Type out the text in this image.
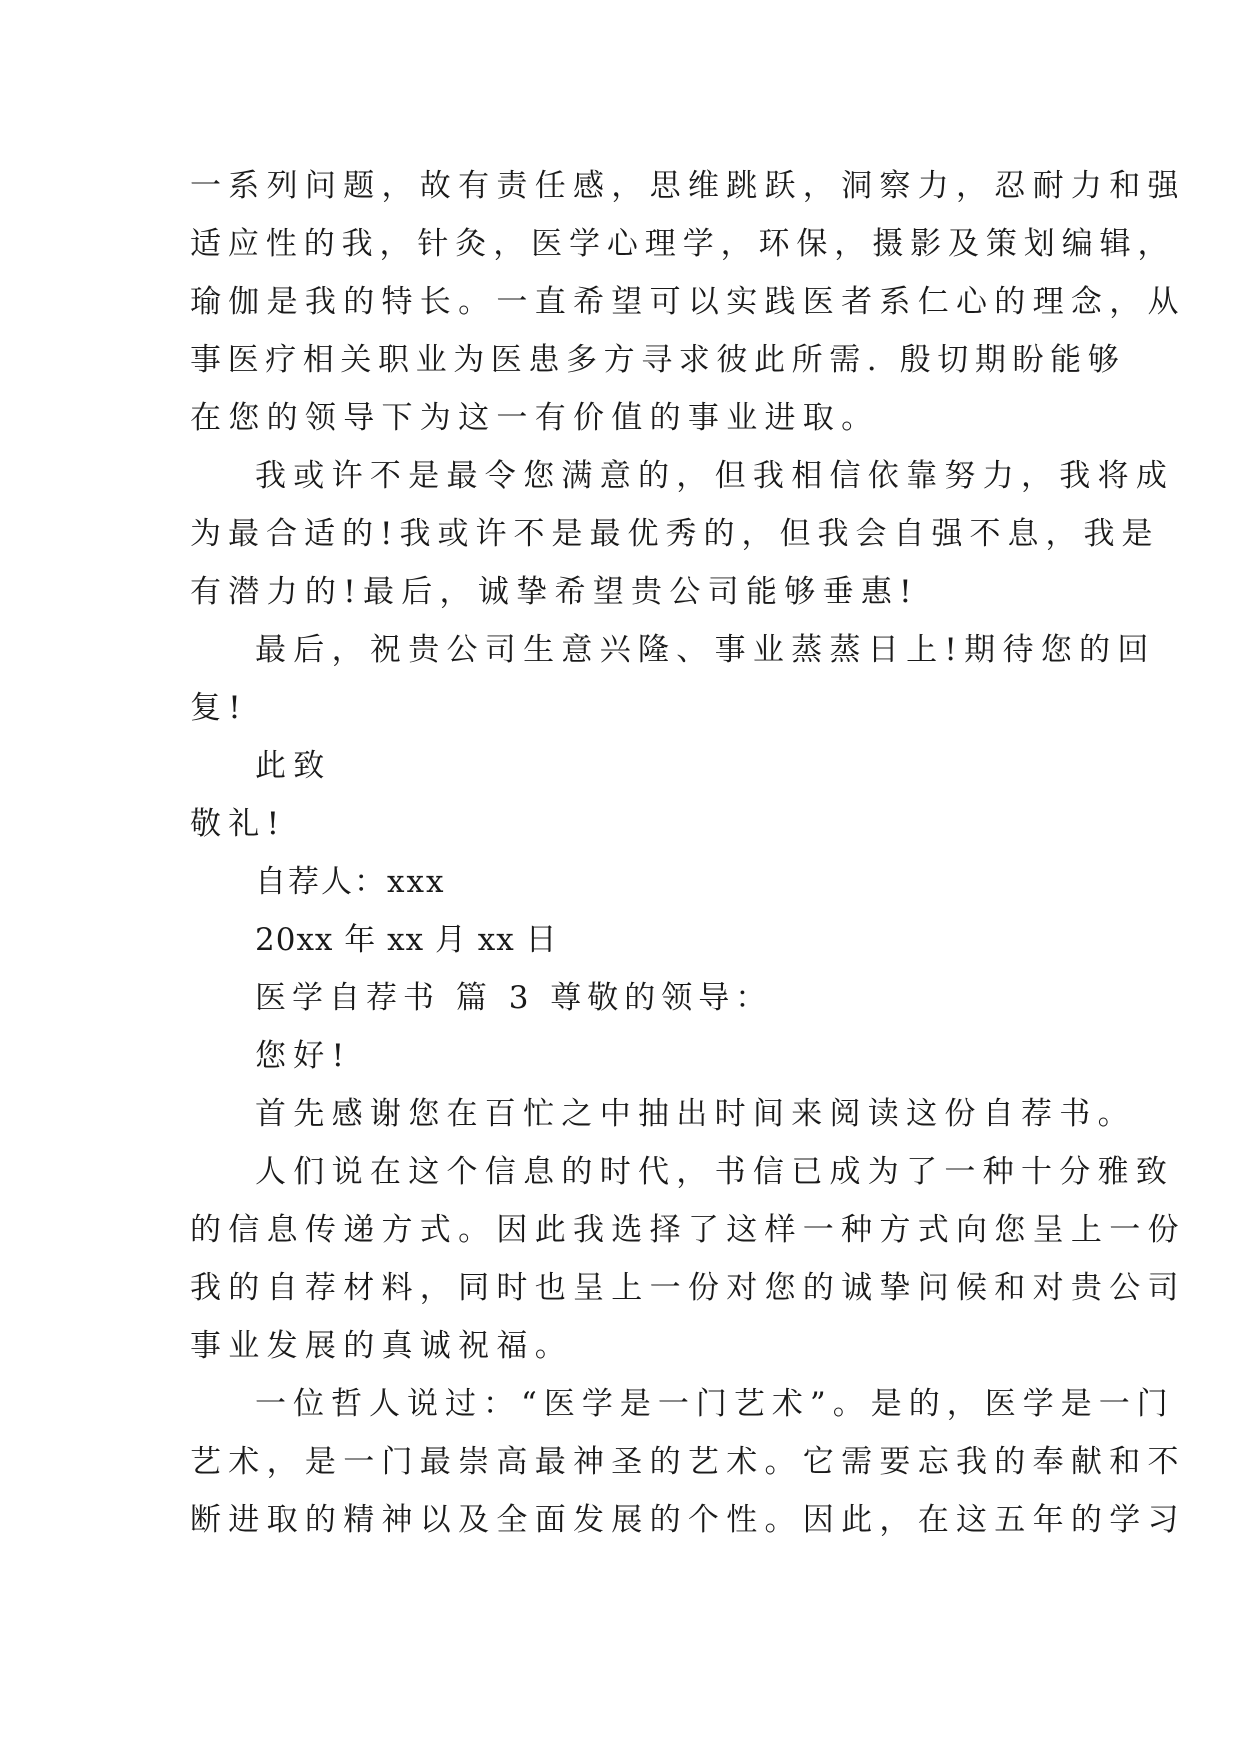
一系列问题，故有责任感，思维跳跃，洞察力，忍耐力和强

适应性的我，针灸，医学心理学，环保，摄影及策划编辑，

瑜伽是我的特长。一直希望可以实践医者系仁心的理念，从

事医疗相关职业为医患多方寻求彼此所需. 殷切期盼能够

在您的领导下为这一有价值的事业进取。

我或许不是最令您满意的，但我相信依靠努力，我将成

为最合适的!我或许不是最优秀的，但我会自强不息，我是

有潜力的!最后，诚挚希望贵公司能够垂惠!

最后，祝贵公司生意兴隆、事业蒸蒸日上!期待您的回

复!

此致

敬礼!

自荐人：xxx

20xx 年 xx 月 xx 日

医学自荐书 篇 3 尊敬的领导：

您好!

首先感谢您在百忙之中抽出时间来阅读这份自荐书。

人们说在这个信息的时代，书信已成为了一种十分雅致

的信息传递方式。因此我选择了这样一种方式向您呈上一份

我的自荐材料，同时也呈上一份对您的诚挚问候和对贵公司

事业发展的真诚祝福。

一位哲人说过：“医学是一门艺术”。是的，医学是一门

艺术，是一门最崇高最神圣的艺术。它需要忘我的奉献和不

断进取的精神以及全面发展的个性。因此，在这五年的学习
